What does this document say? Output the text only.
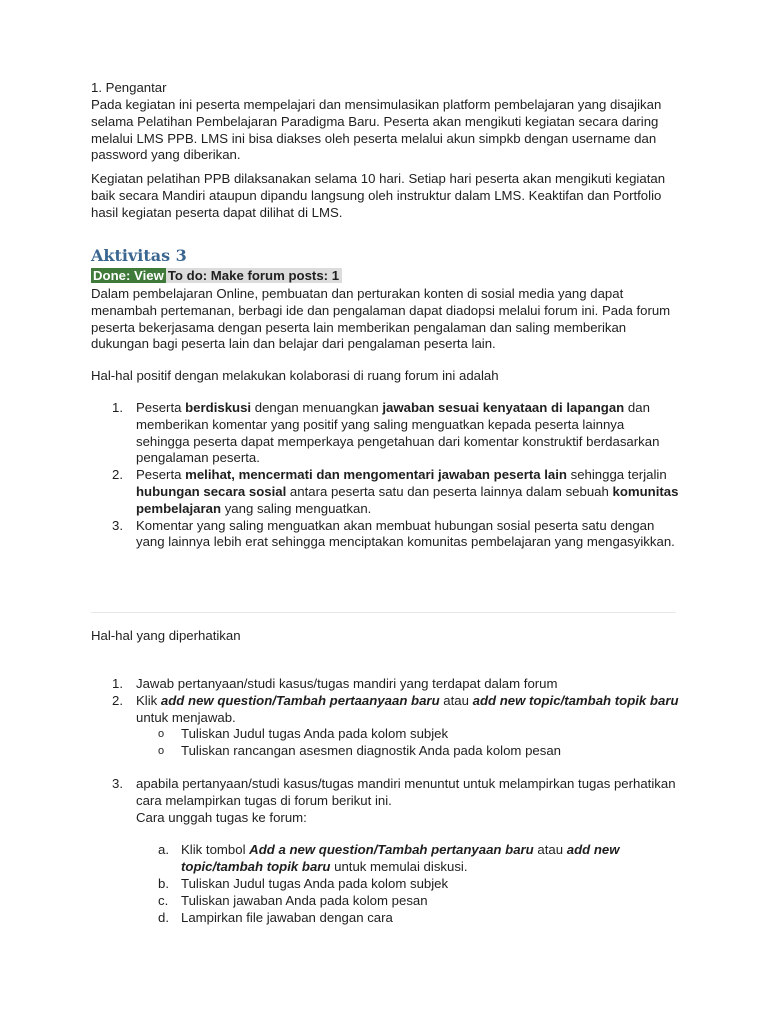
1. Pengantar

Pada kegiatan ini peserta mempelajari dan mensimulasikan platform pembelajaran yang disajikan selama Pelatihan Pembelajaran Paradigma Baru. Peserta akan mengikuti kegiatan secara daring melalui LMS PPB. LMS ini bisa diakses oleh peserta melalui akun simpkb dengan username dan password yang diberikan.

Kegiatan pelatihan PPB dilaksanakan selama 10 hari. Setiap hari peserta akan mengikuti kegiatan baik secara Mandiri ataupun dipandu langsung oleh instruktur dalam LMS. Keaktifan dan Portfolio hasil kegiatan peserta dapat dilihat di LMS.

Aktivitas 3
Done: View To do: Make forum posts: 1

Dalam pembelajaran Online, pembuatan dan perturakan konten di sosial media yang dapat menambah pertemanan, berbagi ide dan pengalaman dapat diadopsi melalui forum ini. Pada forum peserta bekerjasama dengan peserta lain memberikan pengalaman dan saling memberikan dukungan bagi peserta lain dan belajar dari pengalaman peserta lain.

Hal-hal positif dengan melakukan kolaborasi di ruang forum ini adalah

1. Peserta berdiskusi dengan menuangkan jawaban sesuai kenyataan di lapangan dan memberikan komentar yang positif yang saling menguatkan kepada peserta lainnya sehingga peserta dapat memperkaya pengetahuan dari komentar konstruktif berdasarkan pengalaman peserta.
2. Peserta melihat, mencermati dan mengomentari jawaban peserta lain sehingga terjalin hubungan secara sosial antara peserta satu dan peserta lainnya dalam sebuah komunitas pembelajaran yang saling menguatkan.
3. Komentar yang saling menguatkan akan membuat hubungan sosial peserta satu dengan yang lainnya lebih erat sehingga menciptakan komunitas pembelajaran yang mengasyikkan.

Hal-hal yang diperhatikan

1. Jawab pertanyaan/studi kasus/tugas mandiri yang terdapat dalam forum
2. Klik add new question/Tambah pertaanyaan baru atau add new topic/tambah topik baru untuk menjawab.
o Tuliskan Judul tugas Anda pada kolom subjek
o Tuliskan rancangan asesmen diagnostik Anda pada kolom pesan
3. apabila pertanyaan/studi kasus/tugas mandiri menuntut untuk melampirkan tugas perhatikan cara melampirkan tugas di forum berikut ini.
Cara unggah tugas ke forum:
a. Klik tombol Add a new question/Tambah pertanyaan baru atau add new topic/tambah topik baru untuk memulai diskusi.
b. Tuliskan Judul tugas Anda pada kolom subjek
c. Tuliskan jawaban Anda pada kolom pesan
d. Lampirkan file jawaban dengan cara
